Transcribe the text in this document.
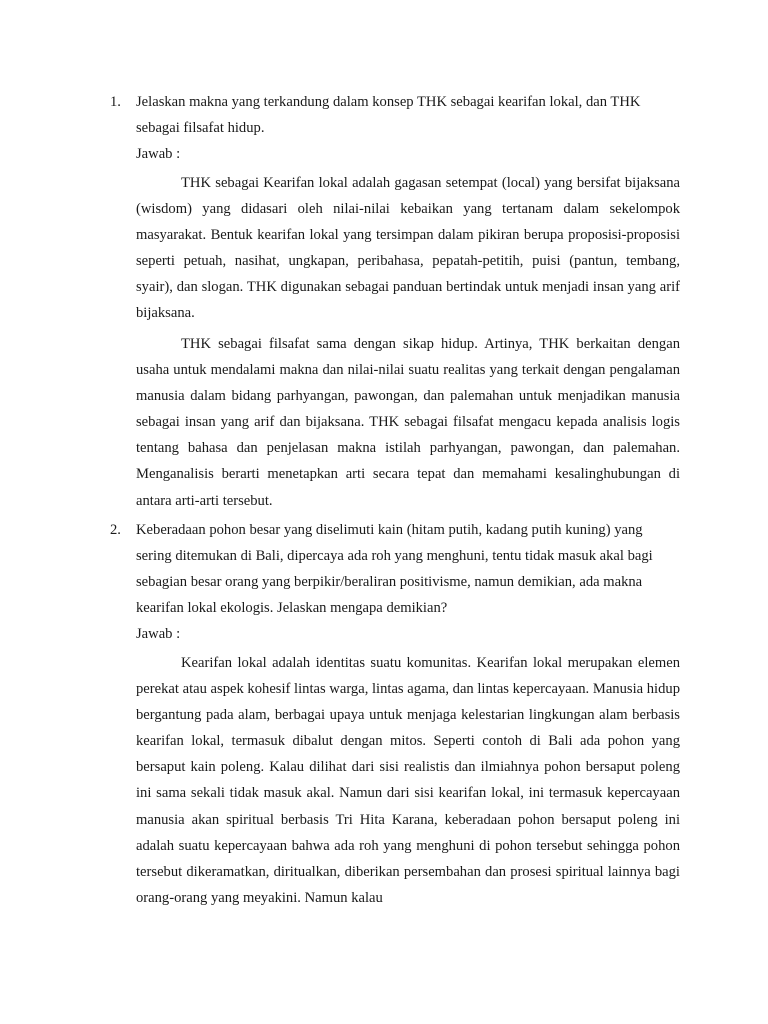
1.	Jelaskan makna yang terkandung dalam konsep THK sebagai kearifan lokal, dan THK
sebagai filsafat hidup.
Jawab :

THK sebagai Kearifan lokal adalah gagasan setempat (local) yang bersifat bijaksana (wisdom) yang didasari oleh nilai-nilai kebaikan yang tertanam dalam sekelompok masyarakat. Bentuk kearifan lokal yang tersimpan dalam pikiran berupa proposisi-proposisi seperti petuah, nasihat, ungkapan, peribahasa, pepatah-petitih, puisi (pantun, tembang, syair), dan slogan. THK digunakan sebagai panduan bertindak untuk menjadi insan yang arif bijaksana.

THK sebagai filsafat sama dengan sikap hidup. Artinya, THK berkaitan dengan usaha untuk mendalami makna dan nilai-nilai suatu realitas yang terkait dengan pengalaman manusia dalam bidang parhyangan, pawongan, dan palemahan untuk menjadikan manusia sebagai insan yang arif dan bijaksana. THK sebagai filsafat mengacu kepada analisis logis tentang bahasa dan penjelasan makna istilah parhyangan, pawongan, dan palemahan. Menganalisis berarti menetapkan arti secara tepat dan memahami kesalinghubungan di antara arti-arti tersebut.

2.	Keberadaan pohon besar yang diselimuti kain (hitam putih, kadang putih kuning) yang
sering ditemukan di Bali, dipercaya ada roh yang menghuni, tentu tidak masuk akal bagi
sebagian besar orang yang berpikir/beraliran positivisme, namun demikian, ada makna
kearifan lokal ekologis. Jelaskan mengapa demikian?
Jawab :

Kearifan lokal adalah identitas suatu komunitas. Kearifan lokal merupakan elemen perekat atau aspek kohesif lintas warga, lintas agama, dan lintas kepercayaan. Manusia hidup bergantung pada alam, berbagai upaya untuk menjaga kelestarian lingkungan alam berbasis kearifan lokal, termasuk dibalut dengan mitos. Seperti contoh di Bali ada pohon yang bersaput kain poleng. Kalau dilihat dari sisi realistis dan ilmiahnya pohon bersaput poleng ini sama sekali tidak masuk akal. Namun dari sisi kearifan lokal, ini termasuk kepercayaan manusia akan spiritual berbasis Tri Hita Karana, keberadaan pohon bersaput poleng ini adalah suatu kepercayaan bahwa ada roh yang menghuni di pohon tersebut sehingga pohon tersebut dikeramatkan, diritualkan, diberikan persembahan dan prosesi spiritual lainnya bagi orang-orang yang meyakini. Namun kalau
